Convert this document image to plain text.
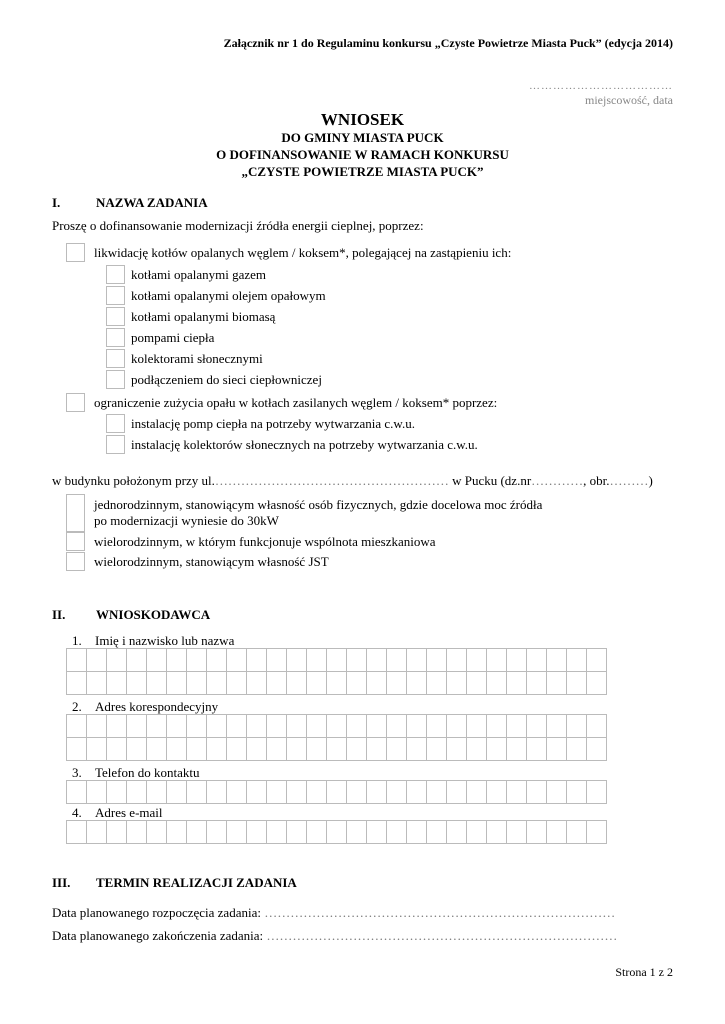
Załącznik nr 1 do Regulaminu konkursu „Czyste Powietrze Miasta Puck” (edycja 2014)
………………………………
miejscowość, data
WNIOSEK
DO GMINY MIASTA PUCK
O DOFINANSOWANIE W RAMACH KONKURSU
„CZYSTE POWIETRZE MIASTA PUCK”
I.	NAZWA ZADANIA
Proszę o dofinansowanie modernizacji źródła energii cieplnej, poprzez:
likwidację kotłów opalanych węglem / koksem*, polegającej na zastąpieniu ich:
kotłami opalanymi gazem
kotłami opalanymi olejem opałowym
kotłami opalanymi biomasą
pompami ciepła
kolektorami słonecznymi
podłączeniem do sieci ciepłowniczej
ograniczenie zużycia opału w kotłach zasilanych węglem / koksem* poprzez:
instalację pomp ciepła na potrzeby wytwarzania c.w.u.
instalację kolektorów słonecznych na potrzeby wytwarzania c.w.u.
w budynku położonym przy ul.……………………………………………… w Pucku (dz.nr…………, obr.………)
jednorodzinnym, stanowiącym własność osób fizycznych, gdzie docelowa moc źródła
po modernizacji wyniesie do 30kW
wielorodzinnym, w którym funkcjonuje wspólnota mieszkaniowa
wielorodzinnym, stanowiącym własność JST
II. WNIOSKODAWCA
1. Imię i nazwisko lub nazwa

2. Adres korespondecyjny

3. Telefon do kontaktu

4. Adres e-mail

III. TERMIN REALIZACJI ZADANIA
Data planowanego rozpoczęcia zadania: ………………………………………………………………………
Data planowanego zakończenia zadania: ………………………………………………………………………
Strona 1 z 2
